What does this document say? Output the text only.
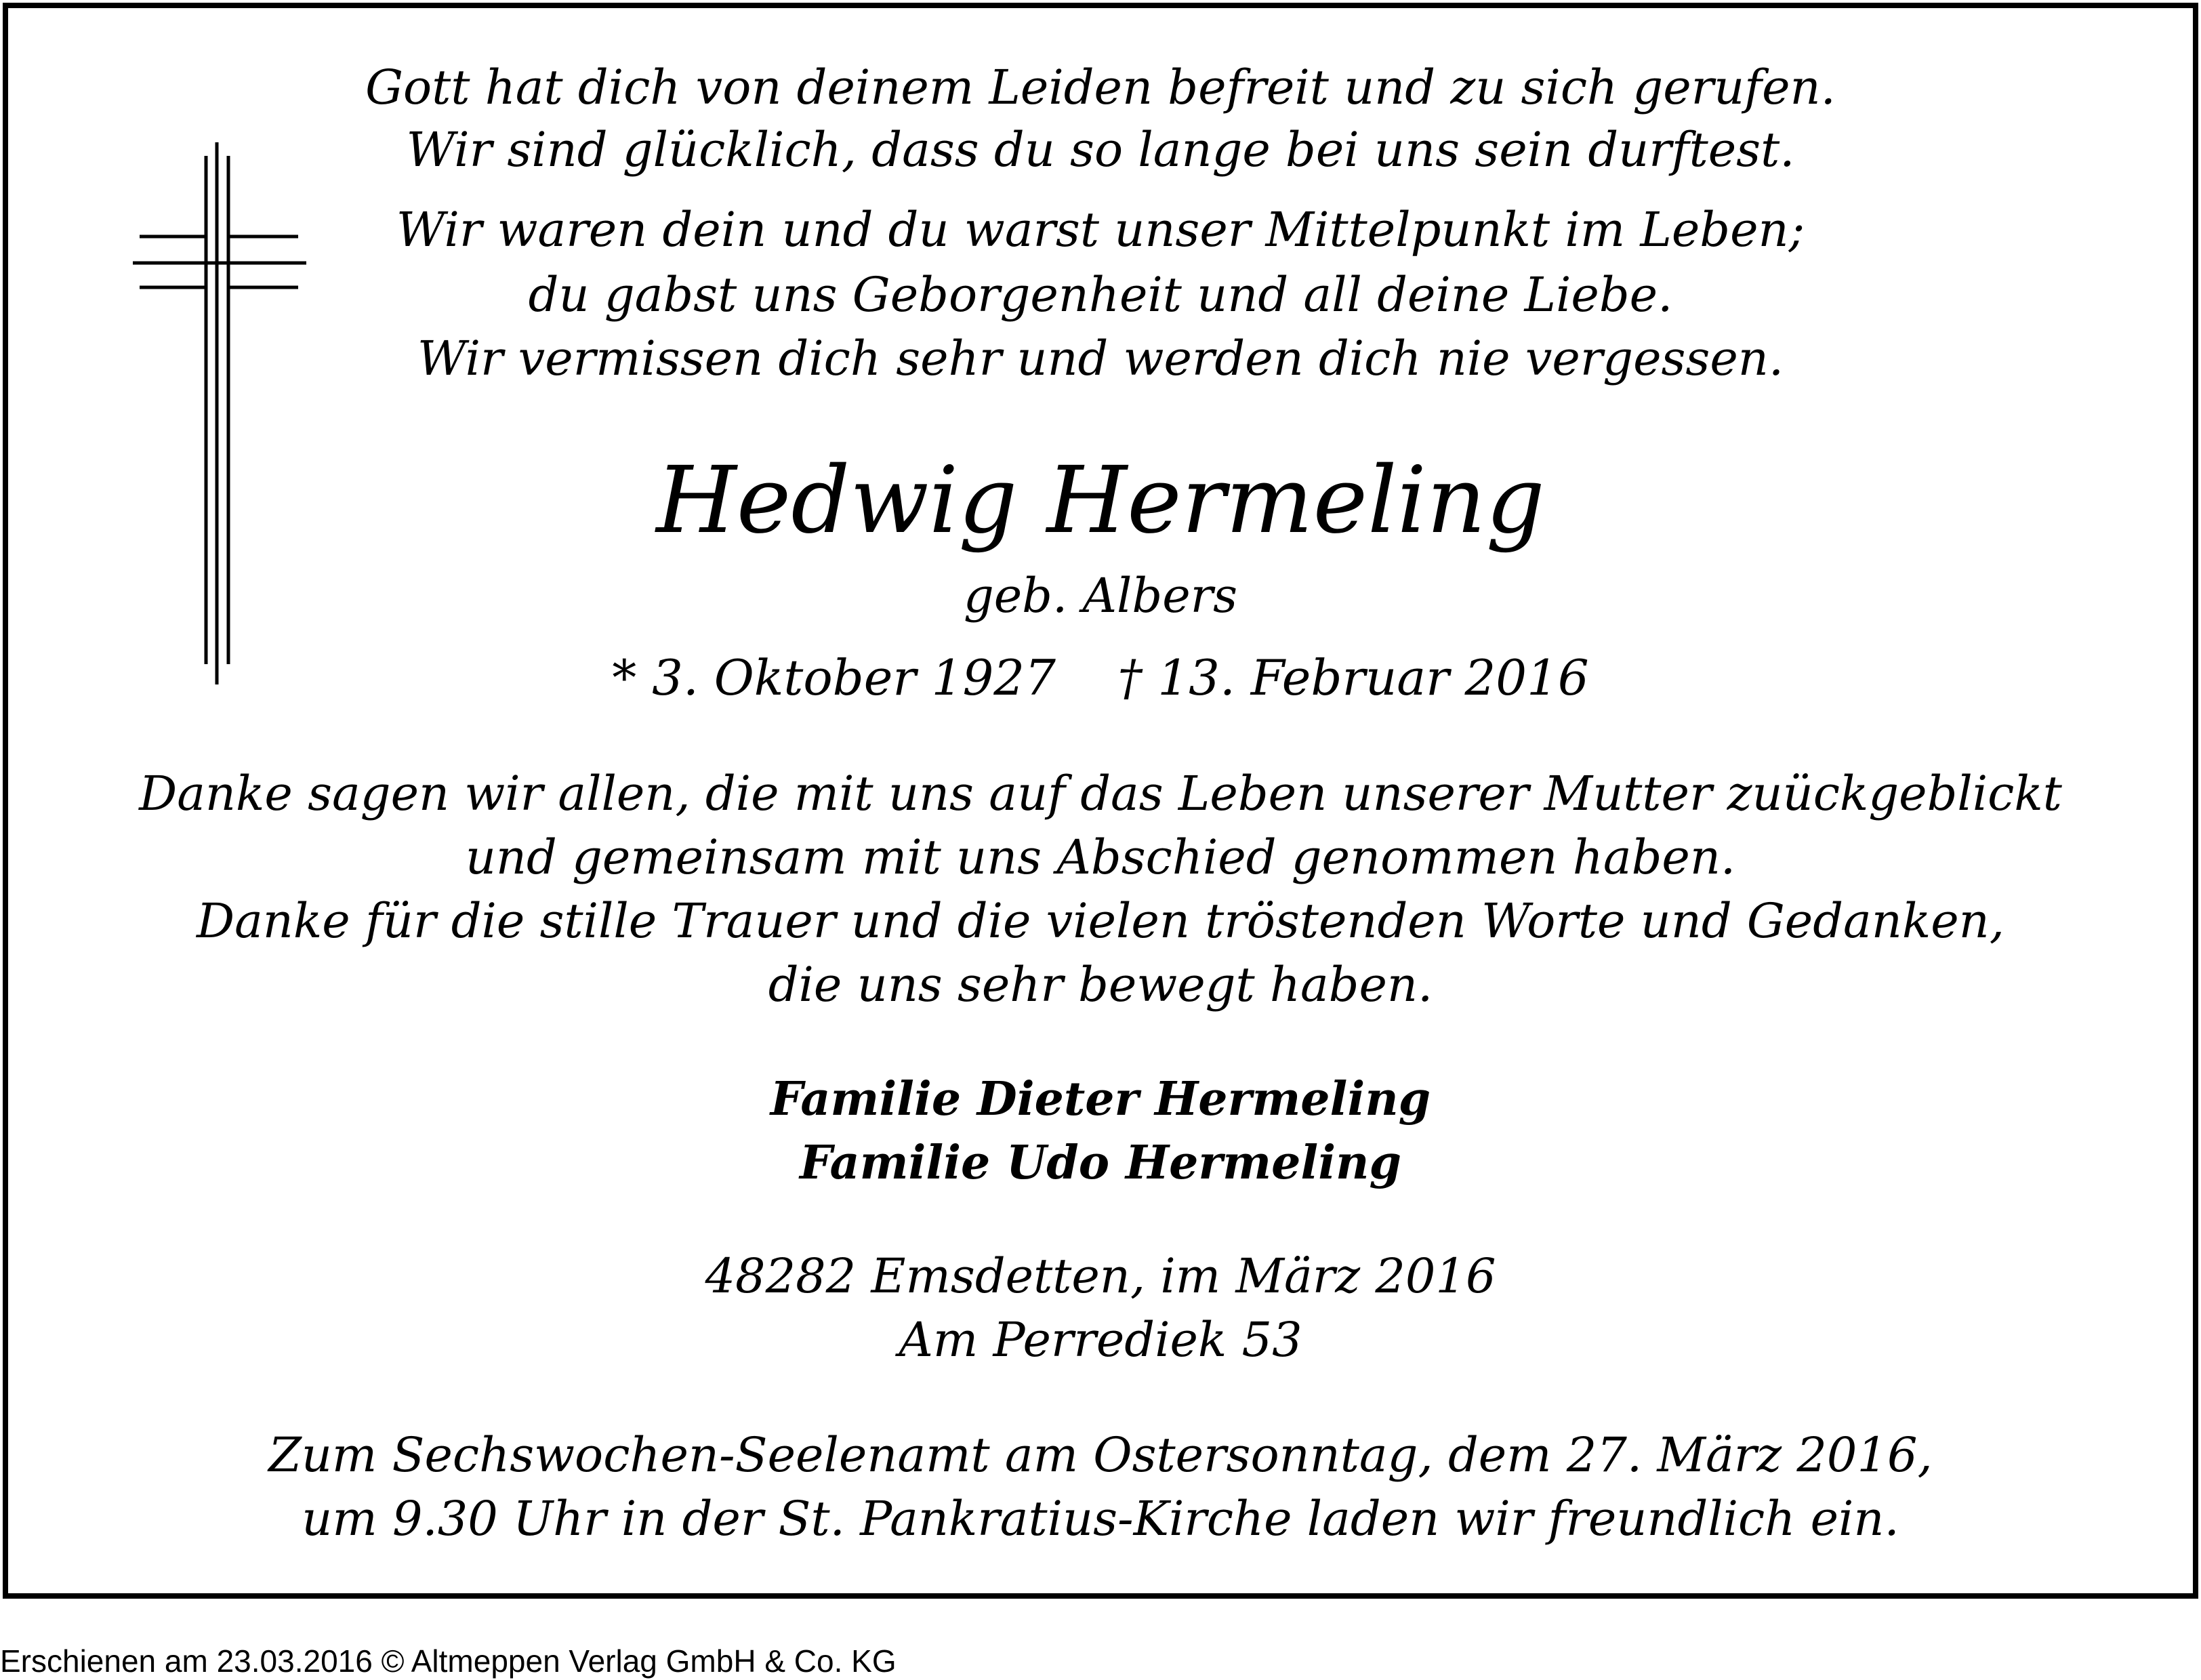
Gott hat dich von deinem Leiden befreit und zu sich gerufen.
Wir sind glücklich, dass du so lange bei uns sein durftest.
Wir waren dein und du warst unser Mittelpunkt im Leben;
du gabst uns Geborgenheit und all deine Liebe.
Wir vermissen dich sehr und werden dich nie vergessen.
Hedwig Hermeling
geb. Albers
* 3. Oktober 1927    † 13. Februar 2016
Danke sagen wir allen, die mit uns auf das Leben unserer Mutter zuückgeblickt
und gemeinsam mit uns Abschied genommen haben.
Danke für die stille Trauer und die vielen tröstenden Worte und Gedanken,
die uns sehr bewegt haben.
Familie Dieter Hermeling
Familie Udo Hermeling
48282 Emsdetten, im März 2016
Am Perrediek 53
Zum Sechswochen-Seelenamt am Ostersonntag, dem 27. März 2016,
um 9.30 Uhr in der St. Pankratius-Kirche laden wir freundlich ein.
Erschienen am 23.03.2016 © Altmeppen Verlag GmbH & Co. KG
